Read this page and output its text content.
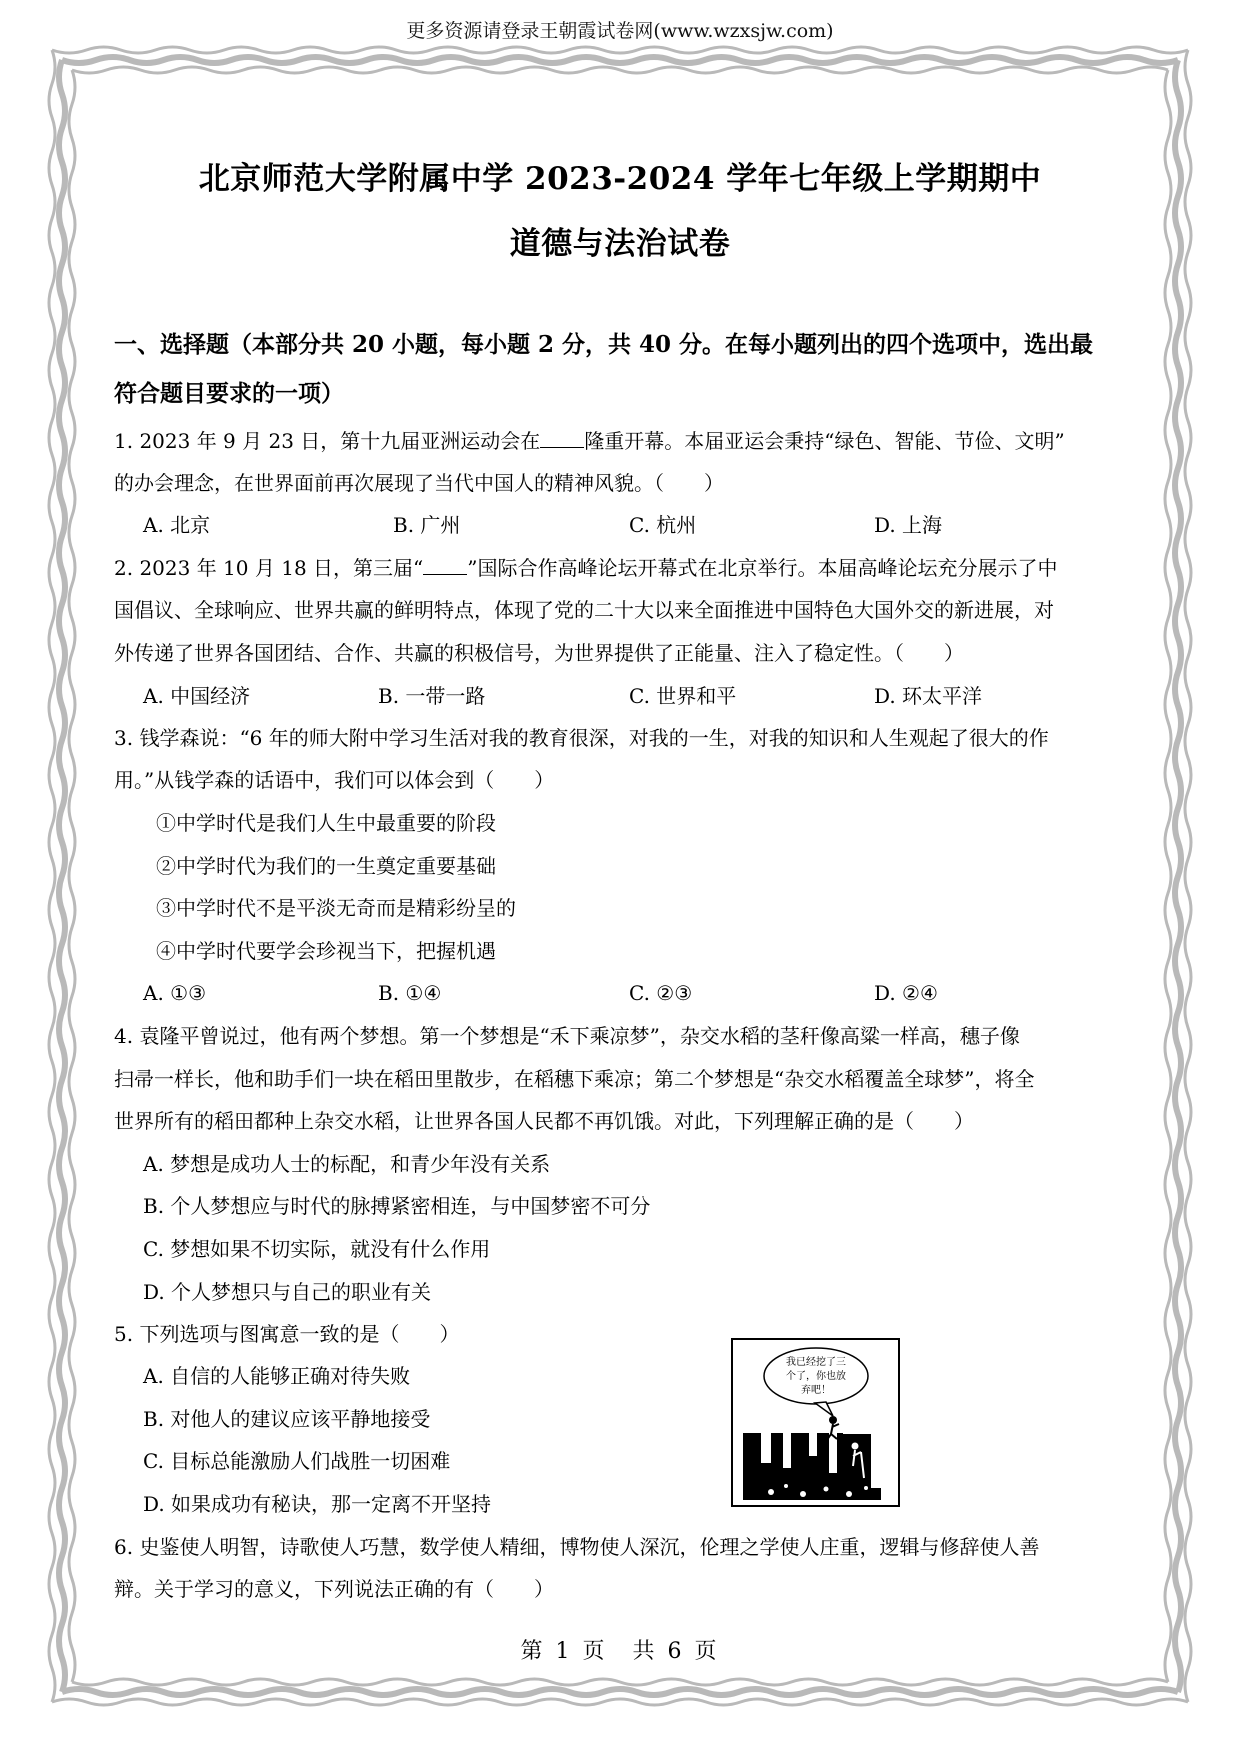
更多资源请登录王朝霞试卷网(www.wzxsjw.com)
北京师范大学附属中学 2023-2024 学年七年级上学期期中
道德与法治试卷
一、选择题（本部分共 20 小题，每小题 2 分，共 40 分。在每小题列出的四个选项中，选出最
符合题目要求的一项）
1. 2023 年 9 月 23 日，第十九届亚洲运动会在 隆重开幕。本届亚运会秉持“绿色、智能、节俭、文明”
的办会理念，在世界面前再次展现了当代中国人的精神风貌。（　　）
A. 北京	B. 广州	C. 杭州	D. 上海
2. 2023 年 10 月 18 日，第三届“ ”国际合作高峰论坛开幕式在北京举行。本届高峰论坛充分展示了中
国倡议、全球响应、世界共赢的鲜明特点，体现了党的二十大以来全面推进中国特色大国外交的新进展，对
外传递了世界各国团结、合作、共赢的积极信号，为世界提供了正能量、注入了稳定性。（　　）
A. 中国经济	B. 一带一路	C. 世界和平	D. 环太平洋
3. 钱学森说：“6 年的师大附中学习生活对我的教育很深，对我的一生，对我的知识和人生观起了很大的作
用。”从钱学森的话语中，我们可以体会到（　　）
①中学时代是我们人生中最重要的阶段
②中学时代为我们的一生奠定重要基础
③中学时代不是平淡无奇而是精彩纷呈的
④中学时代要学会珍视当下，把握机遇
A. ①③	B. ①④	C. ②③	D. ②④
4. 袁隆平曾说过，他有两个梦想。第一个梦想是“禾下乘凉梦”，杂交水稻的茎秆像高粱一样高，穗子像
扫帚一样长，他和助手们一块在稻田里散步，在稻穗下乘凉；第二个梦想是“杂交水稻覆盖全球梦”，将全
世界所有的稻田都种上杂交水稻，让世界各国人民都不再饥饿。对此，下列理解正确的是（　　）
A. 梦想是成功人士的标配，和青少年没有关系
B. 个人梦想应与时代的脉搏紧密相连，与中国梦密不可分
C. 梦想如果不切实际，就没有什么作用
D. 个人梦想只与自己的职业有关
5. 下列选项与图寓意一致的是（　　）
A. 自信的人能够正确对待失败
B. 对他人的建议应该平静地接受
C. 目标总能激励人们战胜一切困难
D. 如果成功有秘诀，那一定离不开坚持
我已经挖了三
个了，你也放
弃吧！
6. 史鉴使人明智，诗歌使人巧慧，数学使人精细，博物使人深沉，伦理之学使人庄重，逻辑与修辞使人善
辩。关于学习的意义，下列说法正确的有（　　）
第 1 页　共 6 页
